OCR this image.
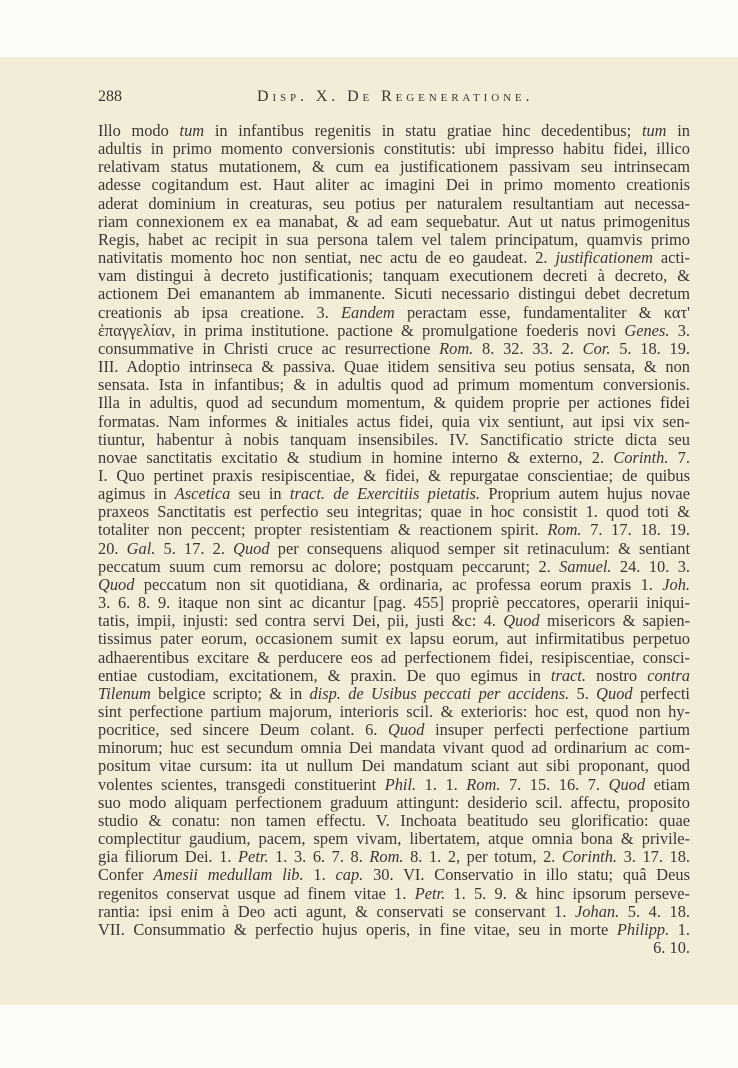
288	Disp. X. De Regeneratione.
Illo modo tum in infantibus regenitis in statu gratiae hinc decedentibus; tum in
adultis in primo momento conversionis constitutis: ubi impresso habitu fidei, illico
relativam status mutationem, & cum ea justificationem passivam seu intrinsecam
adesse cogitandum est. Haut aliter ac imagini Dei in primo momento creationis
aderat dominium in creaturas, seu potius per naturalem resultantiam aut necessa-
riam connexionem ex ea manabat, & ad eam sequebatur. Aut ut natus primogenitus
Regis, habet ac recipit in sua persona talem vel talem principatum, quamvis primo
nativitatis momento hoc non sentiat, nec actu de eo gaudeat. 2. justificationem acti-
vam distingui à decreto justificationis; tanquam executionem decreti à decreto, &
actionem Dei emanantem ab immanente. Sicuti necessario distingui debet decretum
creationis ab ipsa creatione. 3. Eandem peractam esse, fundamentaliter & κατ'
ἐπαγγελίαν, in prima institutione. pactione & promulgatione foederis novi Genes. 3.
consummative in Christi cruce ac resurrectione Rom. 8. 32. 33. 2. Cor. 5. 18. 19.
III. Adoptio intrinseca & passiva. Quae itidem sensitiva seu potius sensata, & non
sensata. Ista in infantibus; & in adultis quod ad primum momentum conversionis.
Illa in adultis, quod ad secundum momentum, & quidem proprie per actiones fidei
formatas. Nam informes & initiales actus fidei, quia vix sentiunt, aut ipsi vix sen-
tiuntur, habentur à nobis tanquam insensibiles. IV. Sanctificatio stricte dicta seu
novae sanctitatis excitatio & studium in homine interno & externo, 2. Corinth. 7.
I. Quo pertinet praxis resipiscentiae, & fidei, & repurgatae conscientiae; de quibus
agimus in Ascetica seu in tract. de Exercitiis pietatis. Proprium autem hujus novae
praxeos Sanctitatis est perfectio seu integritas; quae in hoc consistit 1. quod toti &
totaliter non peccent; propter resistentiam & reactionem spirit. Rom. 7. 17. 18. 19.
20. Gal. 5. 17. 2. Quod per consequens aliquod semper sit retinaculum: & sentiant
peccatum suum cum remorsu ac dolore; postquam peccarunt; 2. Samuel. 24. 10. 3.
Quod peccatum non sit quotidiana, & ordinaria, ac professa eorum praxis 1. Joh.
3. 6. 8. 9. itaque non sint ac dicantur [pag. 455] propriè peccatores, operarii iniqui-
tatis, impii, injusti: sed contra servi Dei, pii, justi &c: 4. Quod misericors & sapien-
tissimus pater eorum, occasionem sumit ex lapsu eorum, aut infirmitatibus perpetuo
adhaerentibus excitare & perducere eos ad perfectionem fidei, resipiscentiae, consci-
entiae custodiam, excitationem, & praxin. De quo egimus in tract. nostro contra
Tilenum belgice scripto; & in disp. de Usibus peccati per accidens. 5. Quod perfecti
sint perfectione partium majorum, interioris scil. & exterioris: hoc est, quod non hy-
pocritice, sed sincere Deum colant. 6. Quod insuper perfecti perfectione partium
minorum; huc est secundum omnia Dei mandata vivant quod ad ordinarium ac com-
positum vitae cursum: ita ut nullum Dei mandatum sciant aut sibi proponant, quod
volentes scientes, transgedi constituerint Phil. 1. 1. Rom. 7. 15. 16. 7. Quod etiam
suo modo aliquam perfectionem graduum attingunt: desiderio scil. affectu, proposito
studio & conatu: non tamen effectu. V. Inchoata beatitudo seu glorificatio: quae
complectitur gaudium, pacem, spem vivam, libertatem, atque omnia bona & privile-
gia filiorum Dei. 1. Petr. 1. 3. 6. 7. 8. Rom. 8. 1. 2, per totum, 2. Corinth. 3. 17. 18.
Confer Amesii medullam lib. 1. cap. 30. VI. Conservatio in illo statu; quâ Deus
regenitos conservat usque ad finem vitae 1. Petr. 1. 5. 9. & hinc ipsorum perseve-
rantia: ipsi enim à Deo acti agunt, & conservati se conservant 1. Johan. 5. 4. 18.
VII. Consummatio & perfectio hujus operis, in fine vitae, seu in morte Philipp. 1.
6. 10.
